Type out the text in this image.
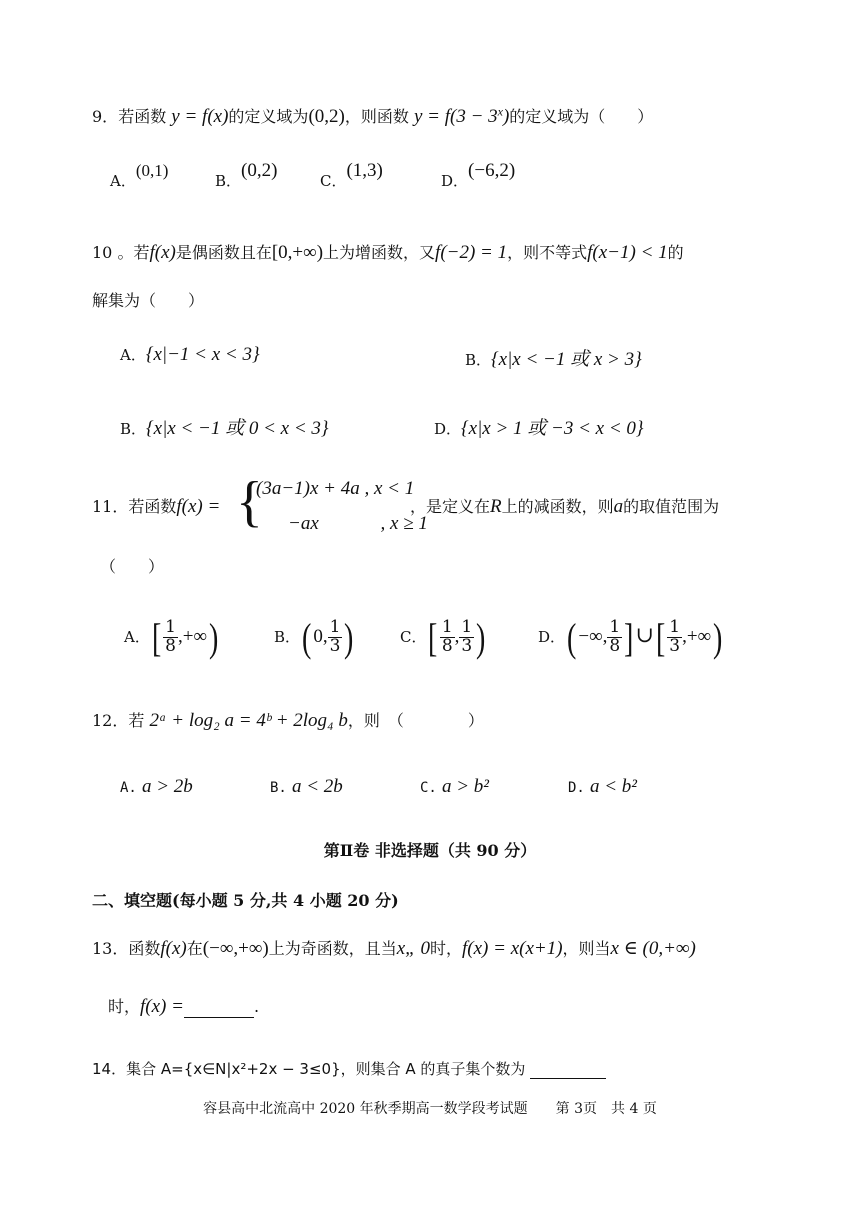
9．若函数 y = f(x)的定义域为(0,2)，则函数 $y = f(3 - 3^x)$的定义域为（　　）
A．(0,1)
B．(0,2)	C．(1,3)	D．(−6,2)
10 。若f(x)是偶函数且在[0,+∞)上为增函数，又f(−2) = 1，则不等式f(x−1) < 1的
解集为（　　）
A．{x|−1 < x < 3}	B．{x|x < −1 或 x > 3}
B．{x|x < −1 或 0 < x < 3}	D．{x|x > 1 或 −3 < x < 0}
11．若函数f(x) = {
(3a−1)x + 4a , x < 1
−ax　　　 , x ≥ 1
，是定义在R上的减函数，则a的取值范围为
（　　）
A．[ $\frac{1}{8}$ ,+∞)	B．( 0, $\frac{1}{3}$ )	C．[ $\frac{1}{8}$ , $\frac{1}{3}$ )	D．( −∞, $\frac{1}{8}$ ]∪[ $\frac{1}{3}$ ,+∞)
12．若 2ᵃ + log₂ a = 4ᵇ + 2log₄ b，则　（　　　　）
A. a > 2b	B. a < 2b	C. a > b²	D. a < b²
第Ⅱ卷 非选择题（共 90 分）
二、填空题(每小题 5 分,共 4 小题 20 分)
13．函数f(x)在(−∞,+∞)上为奇函数，且当x„ 0时，f(x) = x(x+1)，则当x ∈ (0,+∞)
时，f(x) =	.
14．集合 A={x∈N|x²+2x − 3≤0}，则集合 A 的真子集个数为
容县高中北流高中 2020 年秋季期高一数学段考试题　　第 3页　共 4 页
